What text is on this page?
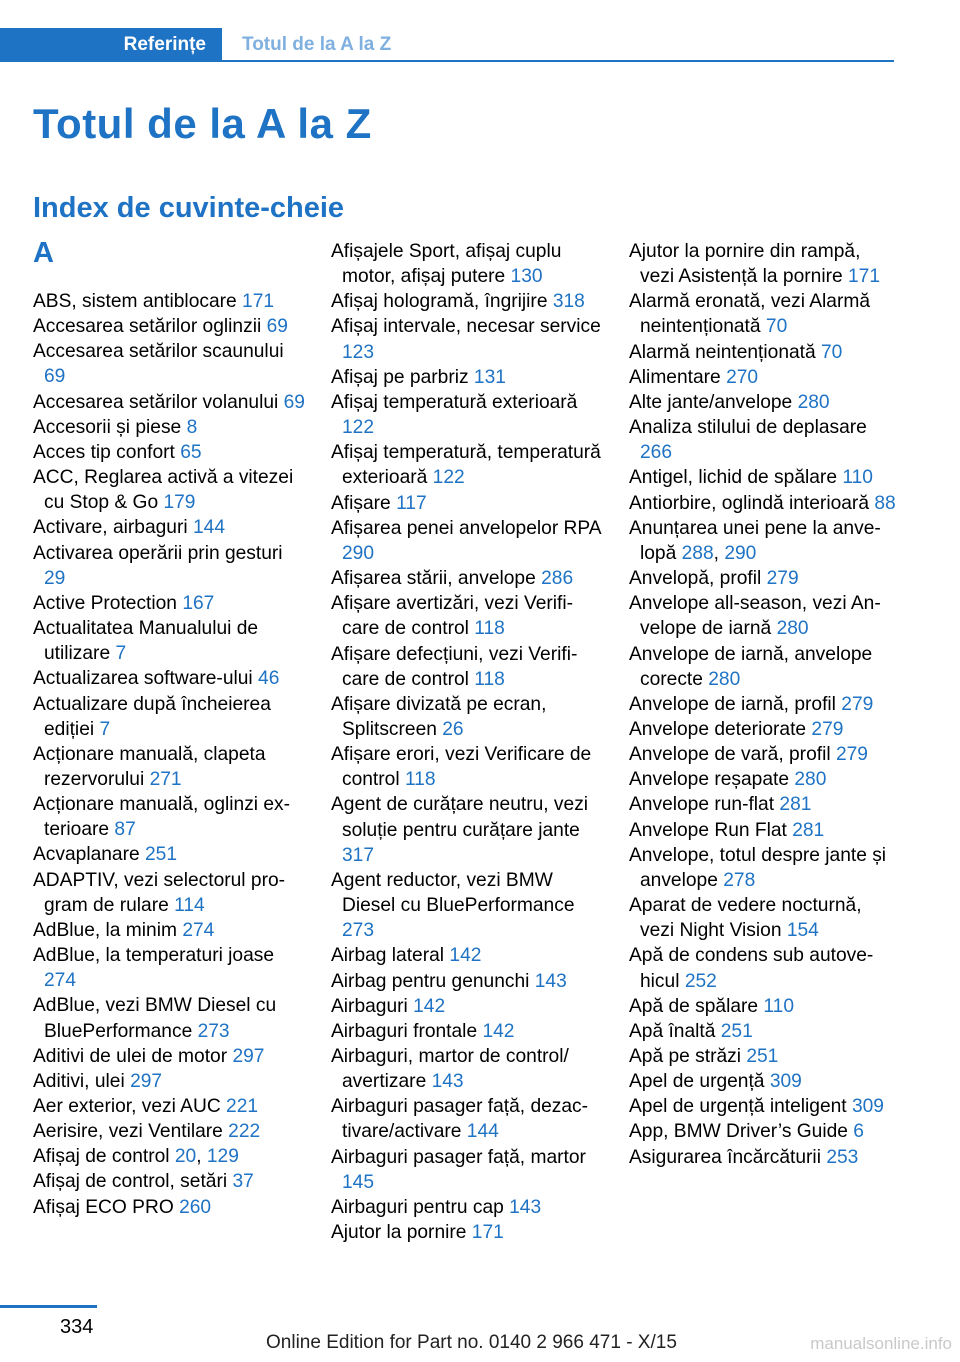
Referințe	Totul de la A la Z
Totul de la A la Z
Index de cuvinte-cheie
A
ABS, sistem antiblocare 171
Accesarea setărilor oglinzii 69
Accesarea setărilor scaunului 69
Accesarea setărilor volanului 69
Accesorii și piese 8
Acces tip confort 65
ACC, Reglarea activă a vitezei cu Stop & Go 179
Activare, airbaguri 144
Activarea operării prin gesturi 29
Active Protection 167
Actualitatea Manualului de utilizare 7
Actualizarea software-ului 46
Actualizare după încheierea ediției 7
Acționare manuală, clapeta rezervorului 271
Acționare manuală, oglinzi exterioare 87
Acvaplanare 251
ADAPTIV, vezi selectorul program de rulare 114
AdBlue, la minim 274
AdBlue, la temperaturi joase 274
AdBlue, vezi BMW Diesel cu BluePerformance 273
Aditivi de ulei de motor 297
Aditivi, ulei 297
Aer exterior, vezi AUC 221
Aerisire, vezi Ventilare 222
Afișaj de control 20, 129
Afișaj de control, setări 37
Afișaj ECO PRO 260
Afișajele Sport, afișaj cuplu motor, afișaj putere 130
Afișaj hologramă, îngrijire 318
Afișaj intervale, necesar service 123
Afișaj pe parbriz 131
Afișaj temperatură exterioară 122
Afișaj temperatură, temperatură exterioară 122
Afișare 117
Afișarea penei anvelopelor RPA 290
Afișarea stării, anvelope 286
Afișare avertizări, vezi Verificare de control 118
Afișare defecțiuni, vezi Verificare de control 118
Afișare divizată pe ecran, Splitscreen 26
Afișare erori, vezi Verificare de control 118
Agent de curățare neutru, vezi soluție pentru curățare jante 317
Agent reductor, vezi BMW Diesel cu BluePerformance 273
Airbag lateral 142
Airbag pentru genunchi 143
Airbaguri 142
Airbaguri frontale 142
Airbaguri, martor de control/ avertizare 143
Airbaguri pasager față, dezactivare/activare 144
Airbaguri pasager față, martor 145
Airbaguri pentru cap 143
Ajutor la pornire 171
Ajutor la pornire din rampă, vezi Asistență la pornire 171
Alarmă eronată, vezi Alarmă neintenționată 70
Alarmă neintenționată 70
Alimentare 270
Alte jante/anvelope 280
Analiza stilului de deplasare 266
Antigel, lichid de spălare 110
Antiorbire, oglindă interioară 88
Anunțarea unei pene la anvelopă 288, 290
Anvelopă, profil 279
Anvelope all-season, vezi Anvelope de iarnă 280
Anvelope de iarnă, anvelope corecte 280
Anvelope de iarnă, profil 279
Anvelope deteriorate 279
Anvelope de vară, profil 279
Anvelope reșapate 280
Anvelope run-flat 281
Anvelope Run Flat 281
Anvelope, totul despre jante și anvelope 278
Aparat de vedere nocturnă, vezi Night Vision 154
Apă de condens sub autovehicul 252
Apă de spălare 110
Apă înaltă 251
Apă pe străzi 251
Apel de urgență 309
Apel de urgență inteligent 309
App, BMW Driver’s Guide 6
Asigurarea încărcăturii 253
334
Online Edition for Part no. 0140 2 966 471 - X/15	manualsonline.info
